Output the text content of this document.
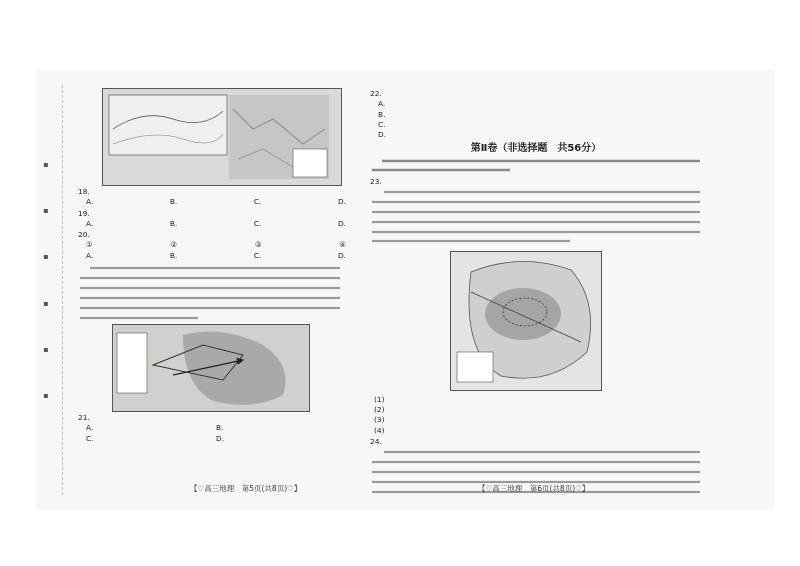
▪
▪
▪
▪
▪
▪
18.
A.	B.	C.	D.
19.
A.	B.	C.	D.
20.
①	②	③	④
A.	B.	C.	D.
21.
A.	B.
C.	D.
22.
A.
B.
C.
D.
第Ⅱ卷（非选择题　共56分）
23.
(1)
(2)
(3)
(4)
24.
【♡高三地理　第5页(共8页)♡】	【♡高三地理　第6页(共8页)♡】
